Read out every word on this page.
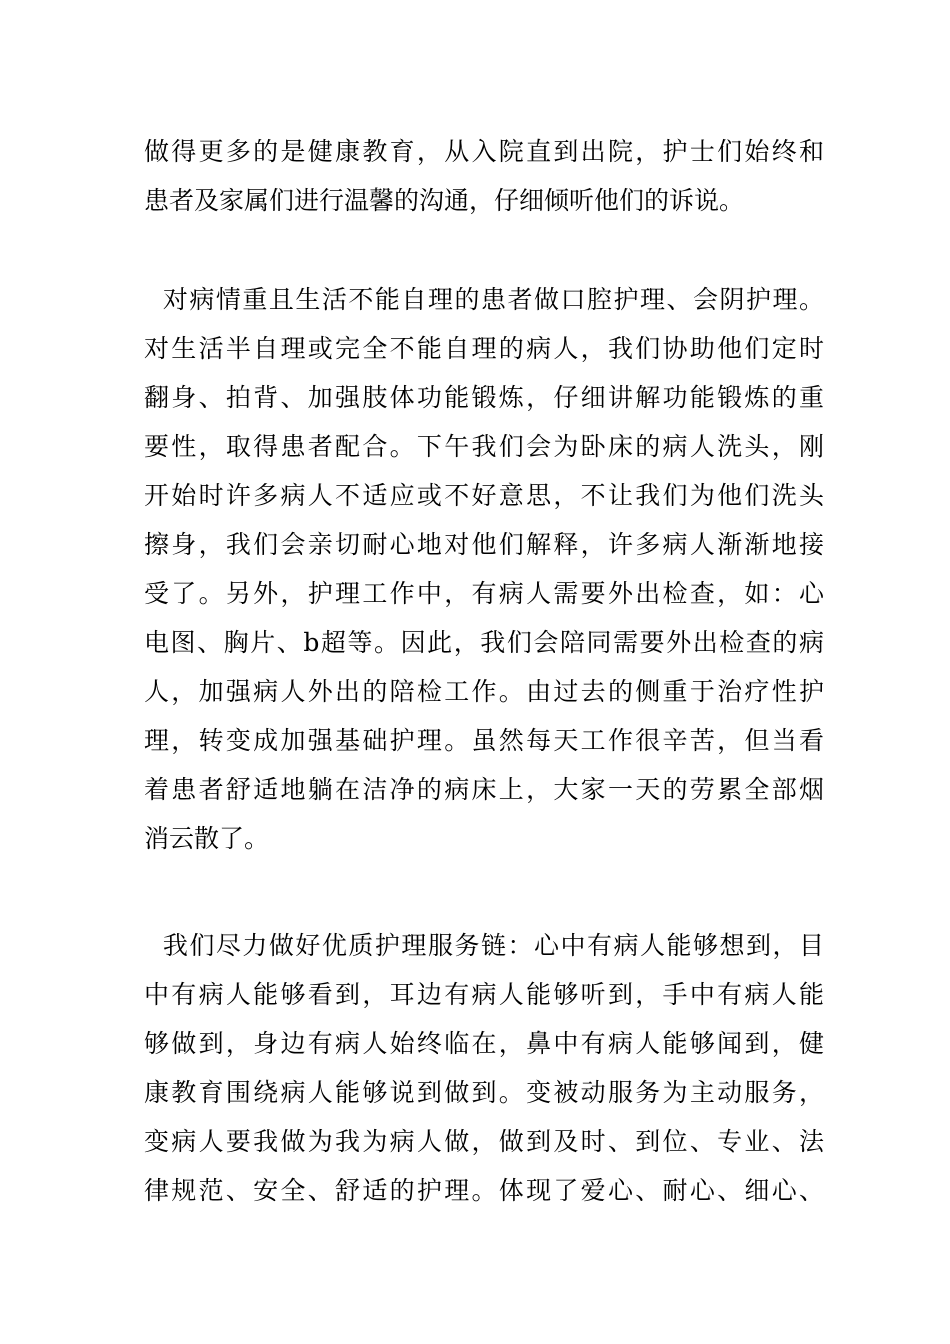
做得更多的是健康教育，从入院直到出院，护士们始终和
患者及家属们进行温馨的沟通，仔细倾听他们的诉说。
对病情重且生活不能自理的患者做口腔护理、会阴护理。
对生活半自理或完全不能自理的病人，我们协助他们定时
翻身、拍背、加强肢体功能锻炼，仔细讲解功能锻炼的重
要性，取得患者配合。下午我们会为卧床的病人洗头，刚
开始时许多病人不适应或不好意思，不让我们为他们洗头
擦身，我们会亲切耐心地对他们解释，许多病人渐渐地接
受了。另外，护理工作中，有病人需要外出检查，如：心
电图、胸片、b超等。因此，我们会陪同需要外出检查的病
人，加强病人外出的陪检工作。由过去的侧重于治疗性护
理，转变成加强基础护理。虽然每天工作很辛苦，但当看
着患者舒适地躺在洁净的病床上，大家一天的劳累全部烟
消云散了。
我们尽力做好优质护理服务链：心中有病人能够想到，目
中有病人能够看到，耳边有病人能够听到，手中有病人能
够做到，身边有病人始终临在，鼻中有病人能够闻到，健
康教育围绕病人能够说到做到。变被动服务为主动服务，
变病人要我做为我为病人做，做到及时、到位、专业、法
律规范、安全、舒适的护理。体现了爱心、耐心、细心、
